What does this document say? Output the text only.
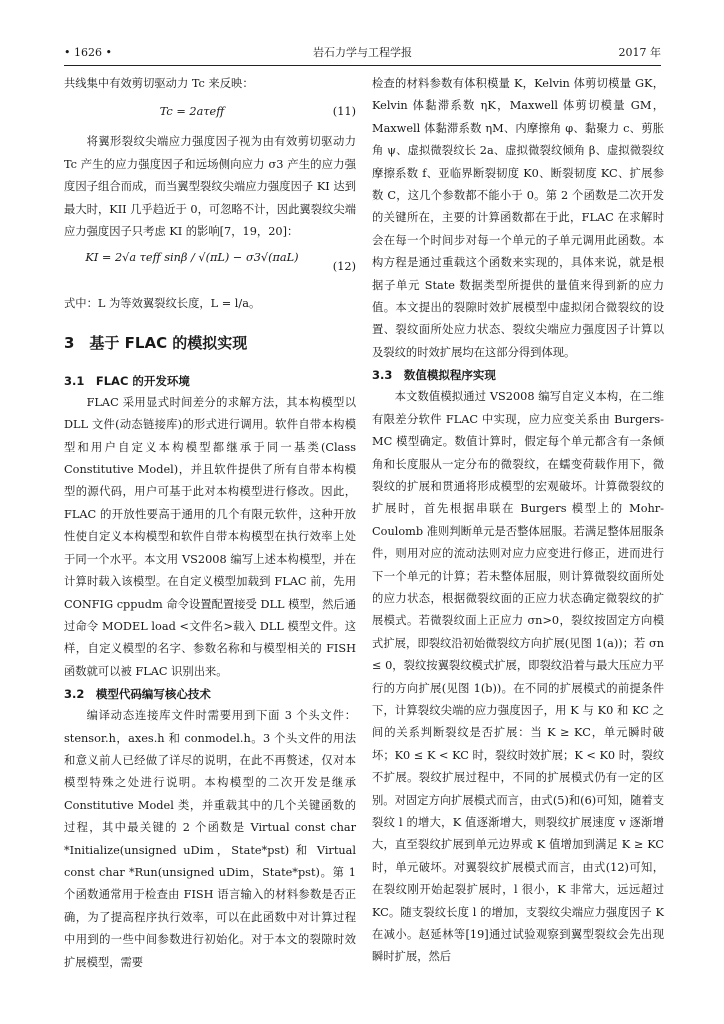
• 1626 •	岩石力学与工程学报	2017 年

共线集中有效剪切驱动力 Tc 来反映：

Tc = 2aτeff	(11)

将翼形裂纹尖端应力强度因子视为由有效剪切驱动力 Tc 产生的应力强度因子和远场侧向应力 σ3 产生的应力强度因子组合而成，而当翼型裂纹尖端应力强度因子 KI 达到最大时，KII 几乎趋近于 0，可忽略不计，因此翼裂纹尖端应力强度因子只考虑 KI 的影响[7，19，20]：

KI = 2√a τeff sinβ / √(πL) − σ3√(πaL)
(12)

式中：L 为等效翼裂纹长度，L = l/a。

3　基于 FLAC 的模拟实现
3.1　FLAC 的开发环境

FLAC 采用显式时间差分的求解方法，其本构模型以 DLL 文件(动态链接库)的形式进行调用。软件自带本构模型和用户自定义本构模型都继承于同一基类(Class Constitutive Model)，并且软件提供了所有自带本构模型的源代码，用户可基于此对本构模型进行修改。因此，FLAC 的开放性要高于通用的几个有限元软件，这种开放性使自定义本构模型和软件自带本构模型在执行效率上处于同一个水平。本文用 VS2008 编写上述本构模型，并在计算时载入该模型。在自定义模型加载到 FLAC 前，先用 CONFIG cppudm 命令设置配置接受 DLL 模型，然后通过命令 MODEL load <文件名>载入 DLL 模型文件。这样，自定义模型的名字、参数名称和与模型相关的 FISH 函数就可以被 FLAC 识别出来。

3.2　模型代码编写核心技术

编译动态连接库文件时需要用到下面 3 个头文件：stensor.h，axes.h 和 conmodel.h。3 个头文件的用法和意义前人已经做了详尽的说明，在此不再赘述，仅对本模型特殊之处进行说明。本构模型的二次开发是继承 Constitutive Model 类，并重载其中的几个关键函数的过程，其中最关键的 2 个函数是 Virtual const char *Initialize(unsigned uDim，State*pst) 和 Virtual const char *Run(unsigned uDim，State*pst)。第 1 个函数通常用于检查由 FISH 语言输入的材料参数是否正确，为了提高程序执行效率，可以在此函数中对计算过程中用到的一些中间参数进行初始化。对于本文的裂隙时效扩展模型，需要

检查的材料参数有体积模量 K，Kelvin 体剪切模量 GK，Kelvin 体黏滞系数 ηK，Maxwell 体剪切模量 GM，Maxwell 体黏滞系数 ηM、内摩擦角 φ、黏聚力 c、剪胀角 ψ、虚拟微裂纹长 2a、虚拟微裂纹倾角 β、虚拟微裂纹摩擦系数 f、亚临界断裂韧度 K0、断裂韧度 KC、扩展参数 C，这几个参数都不能小于 0。第 2 个函数是二次开发的关键所在，主要的计算函数都在于此，FLAC 在求解时会在每一个时间步对每一个单元的子单元调用此函数。本构方程是通过重载这个函数来实现的，具体来说，就是根据子单元 State 数据类型所提供的量值来得到新的应力值。本文提出的裂隙时效扩展模型中虚拟闭合微裂纹的设置、裂纹面所处应力状态、裂纹尖端应力强度因子计算以及裂纹的时效扩展均在这部分得到体现。

3.3　数值模拟程序实现

本文数值模拟通过 VS2008 编写自定义本构，在二维有限差分软件 FLAC 中实现，应力应变关系由 Burgers-MC 模型确定。数值计算时，假定每个单元都含有一条倾角和长度服从一定分布的微裂纹，在蠕变荷载作用下，微裂纹的扩展和贯通将形成模型的宏观破坏。计算微裂纹的扩展时，首先根据串联在 Burgers 模型上的 Mohr-Coulomb 准则判断单元是否整体屈服。若满足整体屈服条件，则用对应的流动法则对应力应变进行修正，进而进行下一个单元的计算；若未整体屈服，则计算微裂纹面所处的应力状态，根据微裂纹面的正应力状态确定微裂纹的扩展模式。若微裂纹面上正应力 σn>0，裂纹按固定方向模式扩展，即裂纹沿初始微裂纹方向扩展(见图 1(a))；若 σn ≤ 0，裂纹按翼裂纹模式扩展，即裂纹沿着与最大压应力平行的方向扩展(见图 1(b))。在不同的扩展模式的前提条件下，计算裂纹尖端的应力强度因子，用 K 与 K0 和 KC 之间的关系判断裂纹是否扩展：当 K ≥ KC，单元瞬时破坏；K0 ≤ K < KC 时，裂纹时效扩展；K < K0 时，裂纹不扩展。裂纹扩展过程中，不同的扩展模式仍有一定的区别。对固定方向扩展模式而言，由式(5)和(6)可知，随着支裂纹 l 的增大，K 值逐渐增大，则裂纹扩展速度 v 逐渐增大，直至裂纹扩展到单元边界或 K 值增加到满足 K ≥ KC 时，单元破坏。对翼裂纹扩展模式而言，由式(12)可知，在裂纹刚开始起裂扩展时，l 很小，K 非常大，远远超过 KC。随支裂纹长度 l 的增加，支裂纹尖端应力强度因子 K 在减小。赵延林等[19]通过试验观察到翼型裂纹会先出现瞬时扩展，然后
